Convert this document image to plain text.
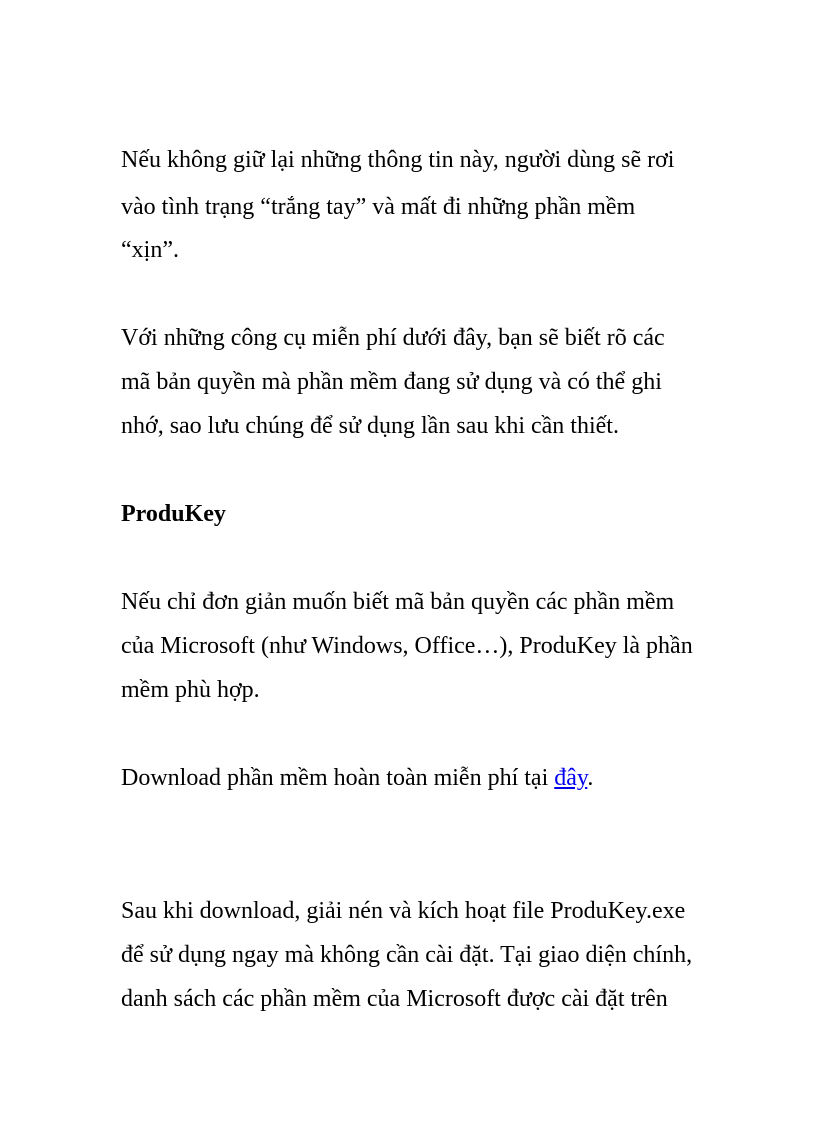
Nếu không giữ lại những thông tin này, người dùng sẽ rơi

vào tình trạng “trắng tay” và mất đi những phần mềm

“xịn”.

Với những công cụ miễn phí dưới đây, bạn sẽ biết rõ các

mã bản quyền mà phần mềm đang sử dụng và có thể ghi

nhớ, sao lưu chúng để sử dụng lần sau khi cần thiết.

ProduKey

Nếu chỉ đơn giản muốn biết mã bản quyền các phần mềm

của Microsoft (như Windows, Office…), ProduKey là phần

mềm phù hợp.

Download phần mềm hoàn toàn miễn phí tại đây.

Sau khi download, giải nén và kích hoạt file ProduKey.exe

để sử dụng ngay mà không cần cài đặt. Tại giao diện chính,

danh sách các phần mềm của Microsoft được cài đặt trên
